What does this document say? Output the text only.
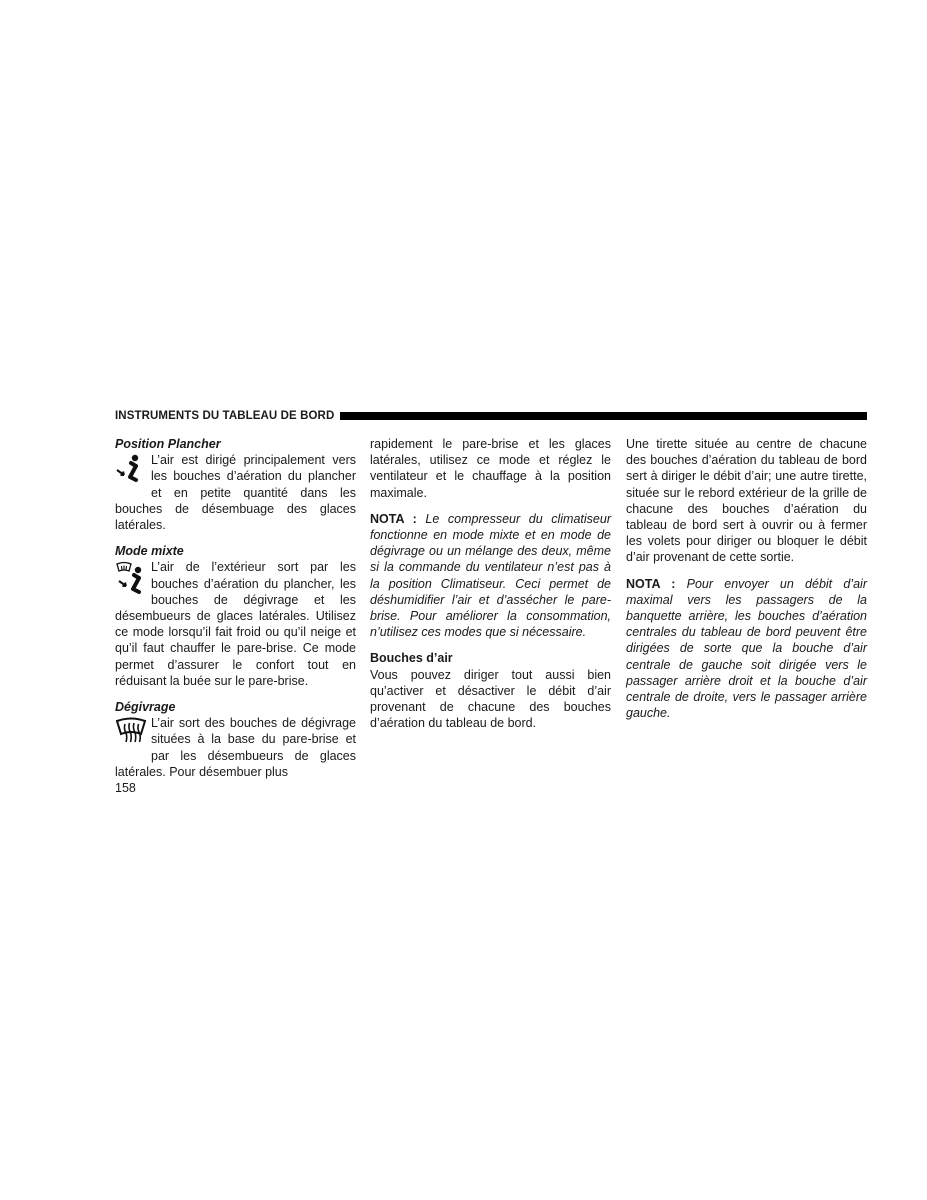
INSTRUMENTS DU TABLEAU DE BORD

Position Plancher

L’air est dirigé principalement vers les bouches d’aération du plancher et en petite quantité dans les bouches de désembuage des glaces latérales.

Mode mixte

L’air de l’extérieur sort par les bouches d’aération du plancher, les bouches de dégivrage et les désembueurs de glaces latérales. Utilisez ce mode lorsqu’il fait froid ou qu’il neige et qu’il faut chauffer le pare-brise. Ce mode permet d’assurer le confort tout en réduisant la buée sur le pare-brise.

Dégivrage

L’air sort des bouches de dégivrage situées à la base du pare-brise et par les désembueurs de glaces latérales. Pour désembuer plus

rapidement le pare-brise et les glaces latérales, utilisez ce mode et réglez le ventilateur et le chauffage à la position maximale.

NOTA : Le compresseur du climatiseur fonctionne en mode mixte et en mode de dégivrage ou un mélange des deux, même si la commande du ventilateur n’est pas à la position Climatiseur. Ceci permet de déshumidifier l’air et d’assécher le pare-brise. Pour améliorer la consommation, n’utilisez ces modes que si nécessaire.

Bouches d’air

Vous pouvez diriger tout aussi bien qu’activer et désactiver le débit d’air provenant de chacune des bouches d’aération du tableau de bord.

Une tirette située au centre de chacune des bouches d’aération du tableau de bord sert à diriger le débit d’air; une autre tirette, située sur le rebord extérieur de la grille de chacune des bouches d’aération du tableau de bord sert à ouvrir ou à fermer les volets pour diriger ou bloquer le débit d’air provenant de cette sortie.

NOTA : Pour envoyer un débit d’air maximal vers les passagers de la banquette arrière, les bouches d’aération centrales du tableau de bord peuvent être dirigées de sorte que la bouche d’air centrale de gauche soit dirigée vers le passager arrière droit et la bouche d’air centrale de droite, vers le passager arrière gauche.

158
